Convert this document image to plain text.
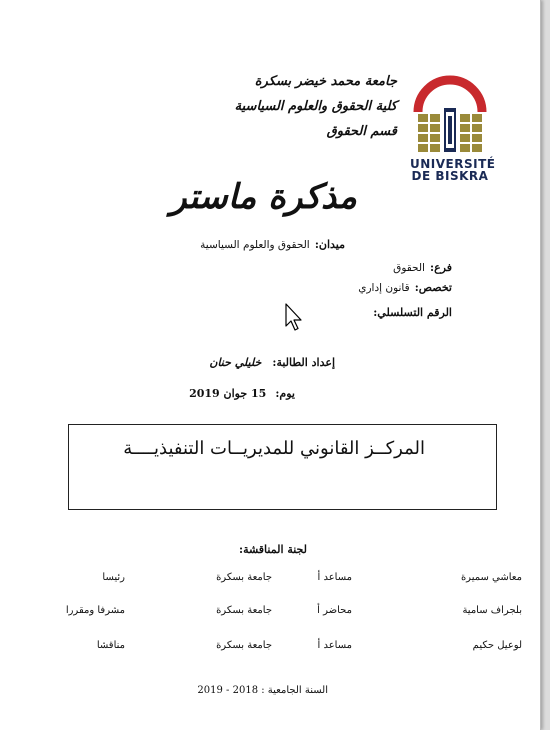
جامعة محمد خيضر بسكرة
كلية الحقوق والعلوم السياسية
قسم الحقوق
UNIVERSITÉ
DE BISKRA
مذكرة ماستر
ميدان: الحقوق والعلوم السياسية
فرع: الحقوق
تخصص: قانون إداري
الرقم التسلسلي:
إعداد الطالبة: خليلي حنان
يوم: 15 جوان 2019
المركــز القانوني للمديريــات التنفيذيــــة
لجنة المناقشة:
معاشي سميرة
مساعد أ
جامعة بسكرة
رئيسا
بلجراف سامية
محاضر أ
جامعة بسكرة
مشرفا ومقررا
لوعيل حكيم
مساعد أ
جامعة بسكرة
مناقشا
السنة الجامعية : 2018 - 2019
